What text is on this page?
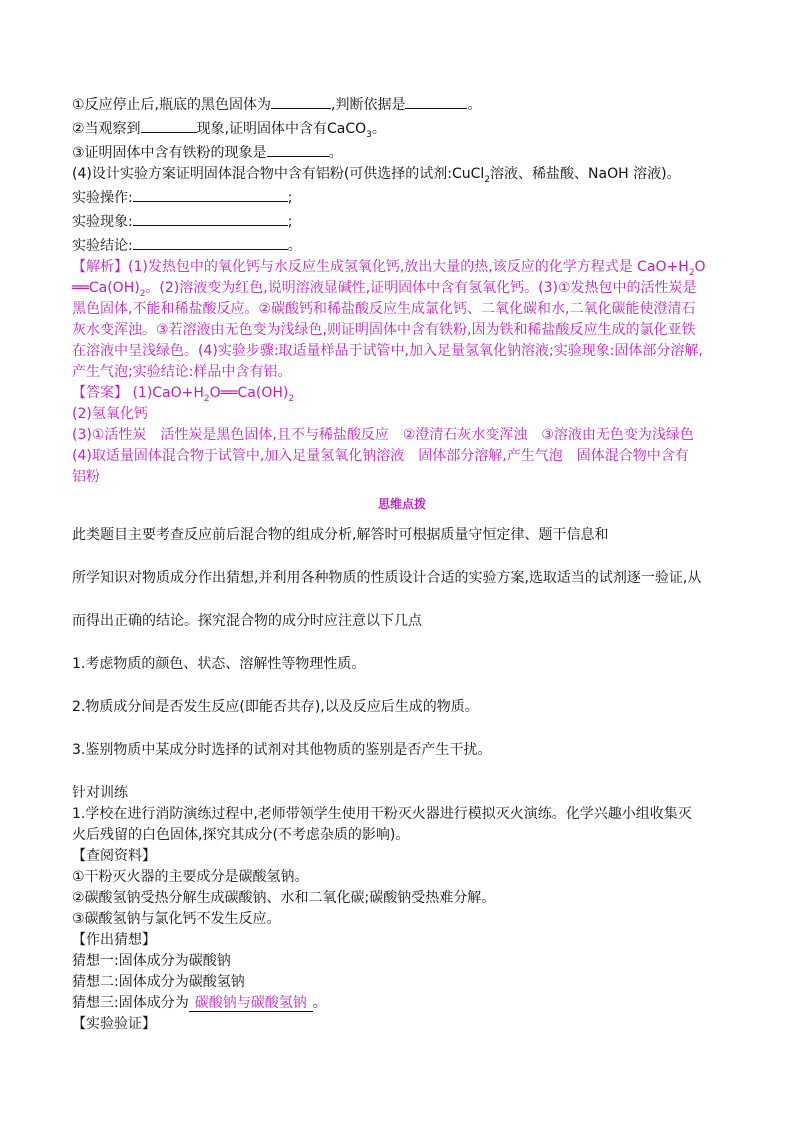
①反应停止后,瓶底的黑色固体为	,判断依据是	。
②当观察到	现象,证明固体中含有CaCO$_3$。
③证明固体中含有铁粉的现象是	。
(4)设计实验方案证明固体混合物中含有铝粉(可供选择的试剂:CuCl$_2$溶液、稀盐酸、NaOH 溶液)。
实验操作:	;
实验现象:	;
实验结论:	。
【解析】(1)发热包中的氧化钙与水反应生成氢氧化钙,放出大量的热,该反应的化学方程式是 $CaO+H_2O$
$══Ca(OH)_2$。(2)溶液变为红色,说明溶液显碱性,证明固体中含有氢氧化钙。(3)①发热包中的活性炭是
黑色固体,不能和稀盐酸反应。②碳酸钙和稀盐酸反应生成氯化钙、二氧化碳和水,二氧化碳能使澄清石
灰水变浑浊。③若溶液由无色变为浅绿色,则证明固体中含有铁粉,因为铁和稀盐酸反应生成的氯化亚铁
在溶液中呈浅绿色。(4)实验步骤:取适量样品于试管中,加入足量氢氧化钠溶液;实验现象:固体部分溶解,
产生气泡;实验结论:样品中含有铝。
【答案】 $(1)CaO+H_2O══Ca(OH)_2$
(2)氢氧化钙
(3)①活性炭　活性炭是黑色固体,且不与稀盐酸反应　②澄清石灰水变浑浊　③溶液由无色变为浅绿色
(4)取适量固体混合物于试管中,加入足量氢氧化钠溶液　固体部分溶解,产生气泡　固体混合物中含有
铝粉
思维点拨
此类题目主要考查反应前后混合物的组成分析,解答时可根据质量守恒定律、题干信息和
所学知识对物质成分作出猜想,并利用各种物质的性质设计合适的实验方案,选取适当的试剂逐一验证,从
而得出正确的结论。探究混合物的成分时应注意以下几点
1.考虑物质的颜色、状态、溶解性等物理性质。
2.物质成分间是否发生反应(即能否共存),以及反应后生成的物质。
3.鉴别物质中某成分时选择的试剂对其他物质的鉴别是否产生干扰。
针对训练
1.学校在进行消防演练过程中,老师带领学生使用干粉灭火器进行模拟灭火演练。化学兴趣小组收集灭
火后残留的白色固体,探究其成分(不考虑杂质的影响)。
【查阅资料】
①干粉灭火器的主要成分是碳酸氢钠。
②碳酸氢钠受热分解生成碳酸钠、水和二氧化碳;碳酸钠受热难分解。
③碳酸氢钠与氯化钙不发生反应。
【作出猜想】
猜想一:固体成分为碳酸钠
猜想二:固体成分为碳酸氢钠
猜想三:固体成分为 碳酸钠与碳酸氢钠 。
【实验验证】
